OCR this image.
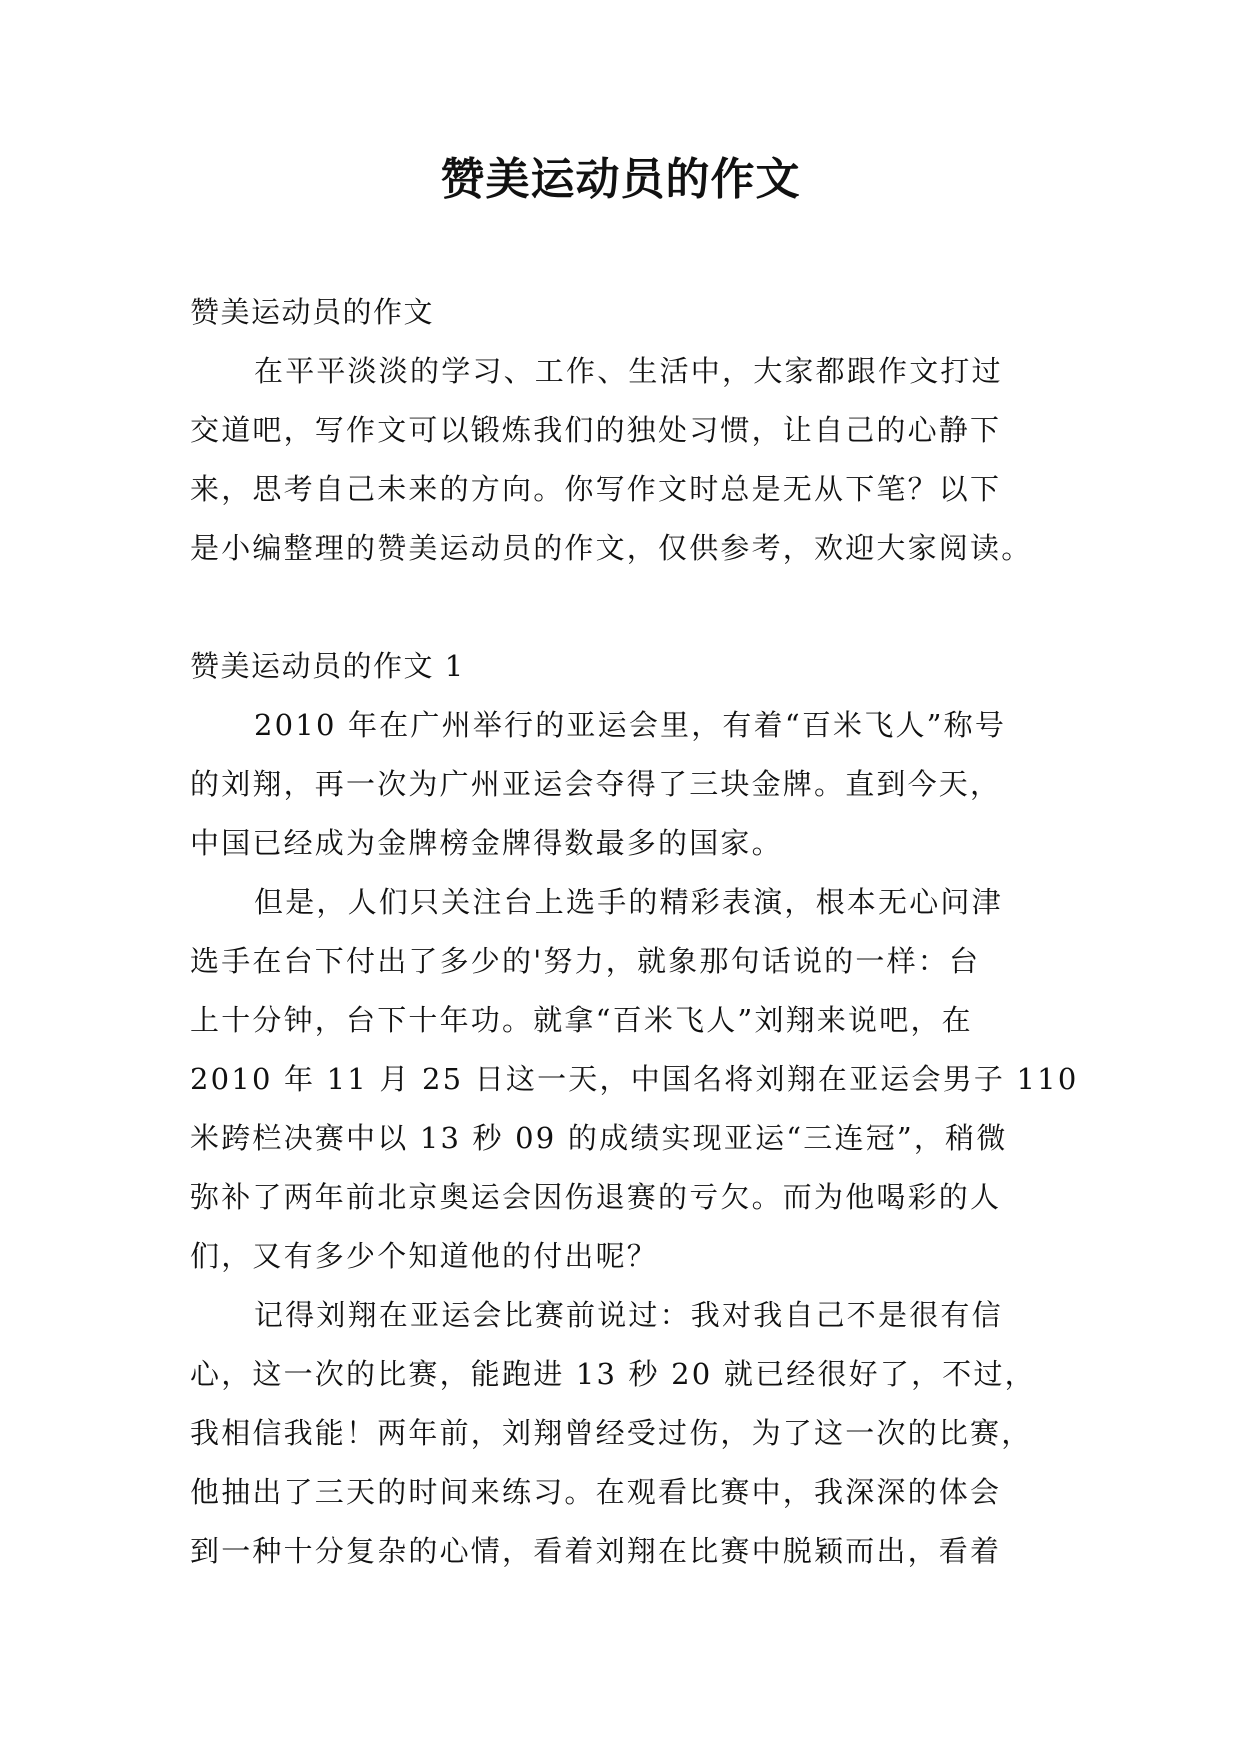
赞美运动员的作文
赞美运动员的作文
在平平淡淡的学习、工作、生活中，大家都跟作文打过
交道吧，写作文可以锻炼我们的独处习惯，让自己的心静下
来，思考自己未来的方向。你写作文时总是无从下笔？以下
是小编整理的赞美运动员的作文，仅供参考，欢迎大家阅读。
赞美运动员的作文 1
2010 年在广州举行的亚运会里，有着“百米飞人”称号
的刘翔，再一次为广州亚运会夺得了三块金牌。直到今天，
中国已经成为金牌榜金牌得数最多的国家。
但是，人们只关注台上选手的精彩表演，根本无心问津
选手在台下付出了多少的'努力，就象那句话说的一样：台
上十分钟，台下十年功。就拿“百米飞人”刘翔来说吧，在
2010 年 11 月 25 日这一天，中国名将刘翔在亚运会男子 110
米跨栏决赛中以 13 秒 09 的成绩实现亚运“三连冠”，稍微
弥补了两年前北京奥运会因伤退赛的亏欠。而为他喝彩的人
们，又有多少个知道他的付出呢？
记得刘翔在亚运会比赛前说过：我对我自己不是很有信
心，这一次的比赛，能跑进 13 秒 20 就已经很好了，不过，
我相信我能！两年前，刘翔曾经受过伤，为了这一次的比赛，
他抽出了三天的时间来练习。在观看比赛中，我深深的体会
到一种十分复杂的心情，看着刘翔在比赛中脱颖而出，看着
